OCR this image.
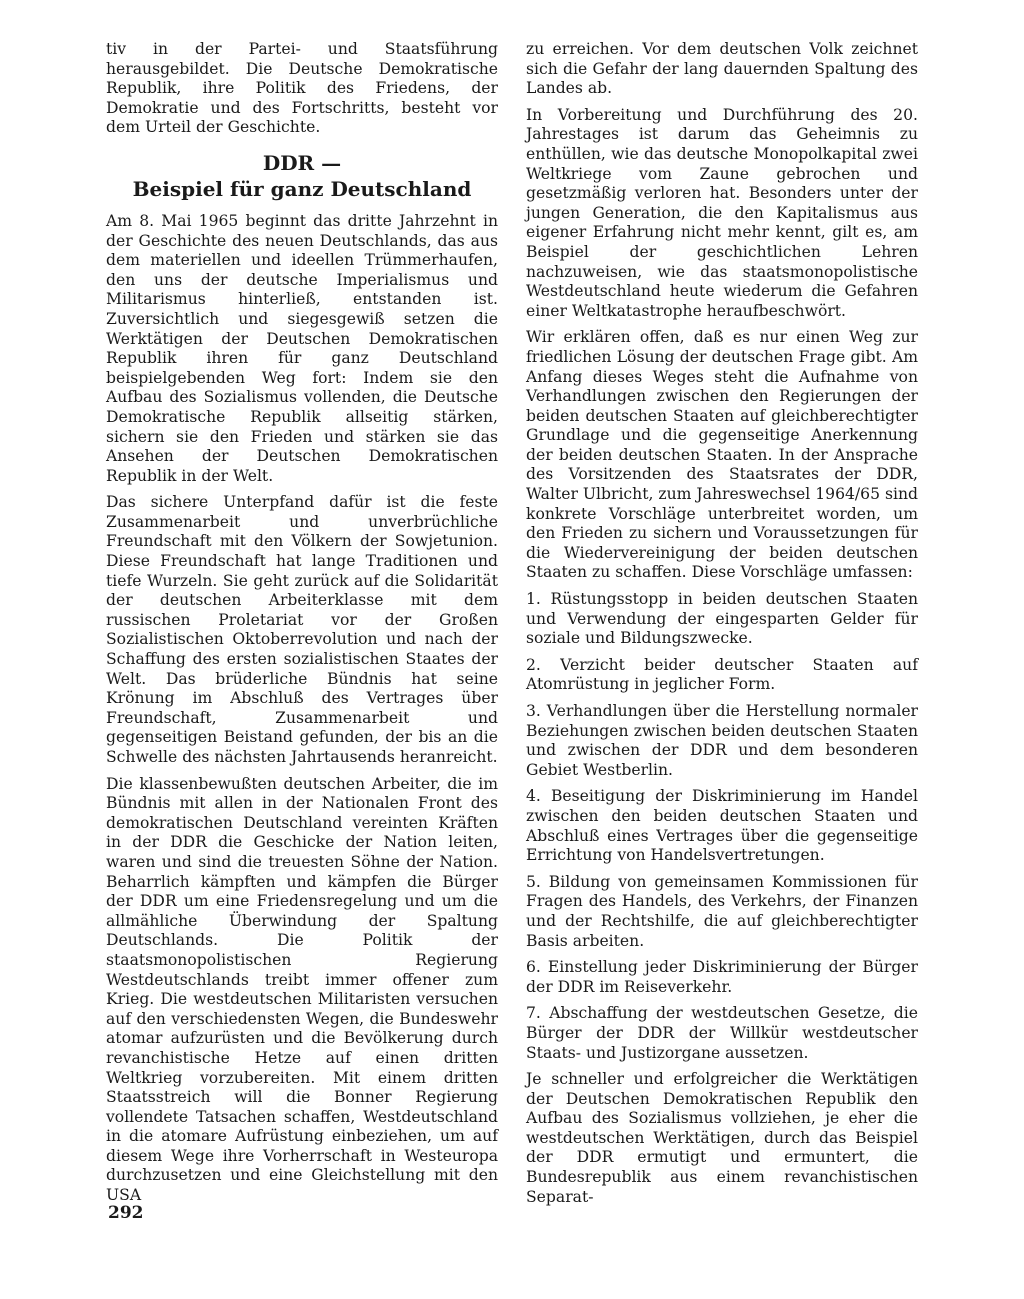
tiv in der Partei- und Staatsführung herausgebildet. Die Deutsche Demokratische Republik, ihre Politik des Friedens, der Demokratie und des Fortschritts, besteht vor dem Urteil der Geschichte.

DDR —
Beispiel für ganz Deutschland

Am 8. Mai 1965 beginnt das dritte Jahrzehnt in der Geschichte des neuen Deutschlands, das aus dem materiellen und ideellen Trümmerhaufen, den uns der deutsche Imperialismus und Militarismus hinterließ, entstanden ist. Zuversichtlich und siegesgewiß setzen die Werktätigen der Deutschen Demokratischen Republik ihren für ganz Deutschland beispielgebenden Weg fort: Indem sie den Aufbau des Sozialismus vollenden, die Deutsche Demokratische Republik allseitig stärken, sichern sie den Frieden und stärken sie das Ansehen der Deutschen Demokratischen Republik in der Welt.

Das sichere Unterpfand dafür ist die feste Zusammenarbeit und unverbrüchliche Freundschaft mit den Völkern der Sowjetunion. Diese Freundschaft hat lange Traditionen und tiefe Wurzeln. Sie geht zurück auf die Solidarität der deutschen Arbeiterklasse mit dem russischen Proletariat vor der Großen Sozialistischen Oktoberrevolution und nach der Schaffung des ersten sozialistischen Staates der Welt. Das brüderliche Bündnis hat seine Krönung im Abschluß des Vertrages über Freundschaft, Zusammenarbeit und gegenseitigen Beistand gefunden, der bis an die Schwelle des nächsten Jahrtausends heranreicht.

Die klassenbewußten deutschen Arbeiter, die im Bündnis mit allen in der Nationalen Front des demokratischen Deutschland vereinten Kräften in der DDR die Geschicke der Nation leiten, waren und sind die treuesten Söhne der Nation. Beharrlich kämpften und kämpfen die Bürger der DDR um eine Friedensregelung und um die allmähliche Überwindung der Spaltung Deutschlands. Die Politik der staatsmonopolistischen Regierung Westdeutschlands treibt immer offener zum Krieg. Die westdeutschen Militaristen versuchen auf den verschiedensten Wegen, die Bundeswehr atomar aufzurüsten und die Bevölkerung durch revanchistische Hetze auf einen dritten Weltkrieg vorzubereiten. Mit einem dritten Staatsstreich will die Bonner Regierung vollendete Tatsachen schaffen, Westdeutschland in die atomare Aufrüstung einbeziehen, um auf diesem Wege ihre Vorherrschaft in Westeuropa durchzusetzen und eine Gleichstellung mit den USA

zu erreichen. Vor dem deutschen Volk zeichnet sich die Gefahr der lang dauernden Spaltung des Landes ab.

In Vorbereitung und Durchführung des 20. Jahrestages ist darum das Geheimnis zu enthüllen, wie das deutsche Monopolkapital zwei Weltkriege vom Zaune gebrochen und gesetzmäßig verloren hat. Besonders unter der jungen Generation, die den Kapitalismus aus eigener Erfahrung nicht mehr kennt, gilt es, am Beispiel der geschichtlichen Lehren nachzuweisen, wie das staatsmonopolistische Westdeutschland heute wiederum die Gefahren einer Weltkatastrophe heraufbeschwört.

Wir erklären offen, daß es nur einen Weg zur friedlichen Lösung der deutschen Frage gibt. Am Anfang dieses Weges steht die Aufnahme von Verhandlungen zwischen den Regierungen der beiden deutschen Staaten auf gleichberechtigter Grundlage und die gegenseitige Anerkennung der beiden deutschen Staaten. In der Ansprache des Vorsitzenden des Staatsrates der DDR, Walter Ulbricht, zum Jahreswechsel 1964/65 sind konkrete Vorschläge unterbreitet worden, um den Frieden zu sichern und Voraussetzungen für die Wiedervereinigung der beiden deutschen Staaten zu schaffen. Diese Vorschläge umfassen:

1. Rüstungsstopp in beiden deutschen Staaten und Verwendung der eingesparten Gelder für soziale und Bildungszwecke.

2. Verzicht beider deutscher Staaten auf Atomrüstung in jeglicher Form.

3. Verhandlungen über die Herstellung normaler Beziehungen zwischen beiden deutschen Staaten und zwischen der DDR und dem besonderen Gebiet Westberlin.

4. Beseitigung der Diskriminierung im Handel zwischen den beiden deutschen Staaten und Abschluß eines Vertrages über die gegenseitige Errichtung von Handelsvertretungen.

5. Bildung von gemeinsamen Kommissionen für Fragen des Handels, des Verkehrs, der Finanzen und der Rechtshilfe, die auf gleichberechtigter Basis arbeiten.

6. Einstellung jeder Diskriminierung der Bürger der DDR im Reiseverkehr.

7. Abschaffung der westdeutschen Gesetze, die Bürger der DDR der Willkür westdeutscher Staats- und Justizorgane aussetzen.

Je schneller und erfolgreicher die Werktätigen der Deutschen Demokratischen Republik den Aufbau des Sozialismus vollziehen, je eher die westdeutschen Werktätigen, durch das Beispiel der DDR ermutigt und ermuntert, die Bundesrepublik aus einem revanchistischen Separat-

292
